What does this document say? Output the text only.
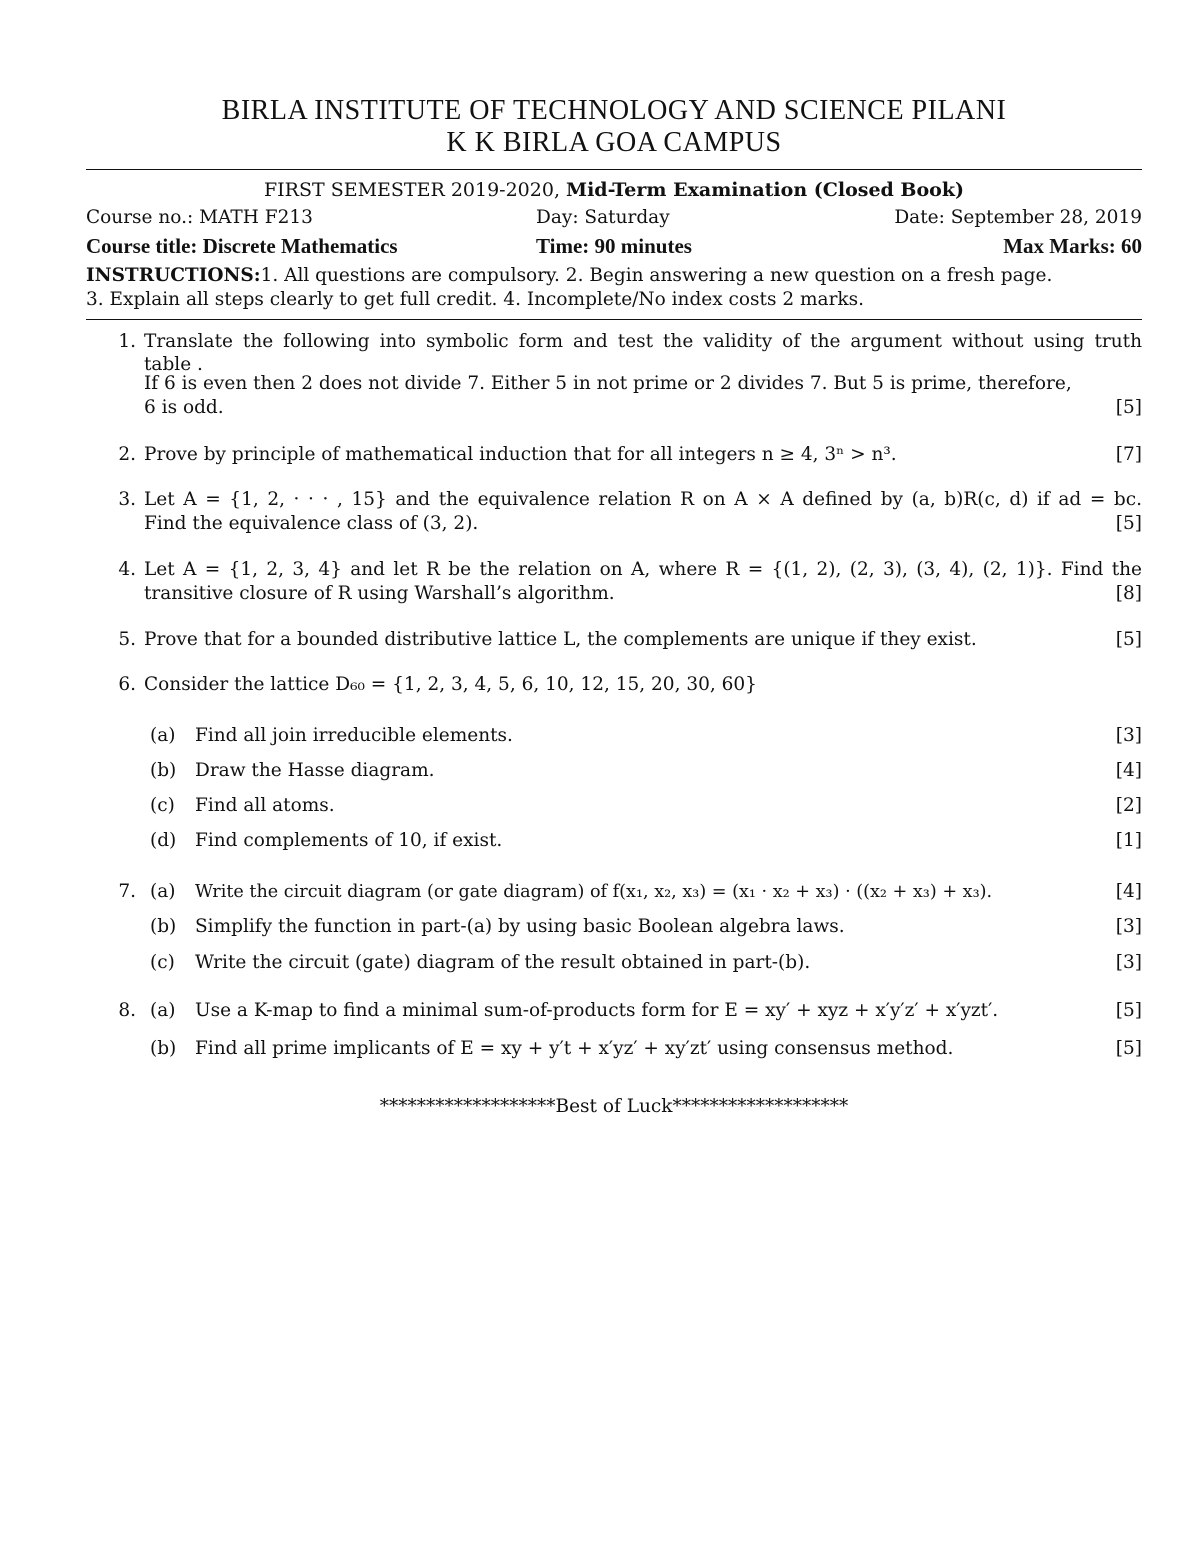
BIRLA INSTITUTE OF TECHNOLOGY AND SCIENCE PILANI
K K BIRLA GOA CAMPUS
FIRST SEMESTER 2019-2020, Mid-Term Examination (Closed Book)
Course no.: MATH F213	Day: Saturday	Date: September 28, 2019
Course title: Discrete Mathematics	Time: 90 minutes	Max Marks: 60
INSTRUCTIONS:1. All questions are compulsory. 2. Begin answering a new question on a fresh page.
3. Explain all steps clearly to get full credit. 4. Incomplete/No index costs 2 marks.
1. Translate the following into symbolic form and test the validity of the argument without using truth
table .
If 6 is even then 2 does not divide 7. Either 5 in not prime or 2 divides 7. But 5 is prime, therefore,
6 is odd.	[5]
2. Prove by principle of mathematical induction that for all integers n ≥ 4, 3ⁿ > n³.	[7]
3. Let A = {1, 2, · · · , 15} and the equivalence relation R on A × A defined by (a, b)R(c, d) if ad = bc.
Find the equivalence class of (3, 2).	[5]
4. Let A = {1, 2, 3, 4} and let R be the relation on A, where R = {(1, 2), (2, 3), (3, 4), (2, 1)}. Find the
transitive closure of R using Warshall’s algorithm.	[8]
5. Prove that for a bounded distributive lattice L, the complements are unique if they exist.	[5]
6. Consider the lattice D₆₀ = {1, 2, 3, 4, 5, 6, 10, 12, 15, 20, 30, 60}
(a)	Find all join irreducible elements.	[3]
(b)	Draw the Hasse diagram.	[4]
(c)	Find all atoms.	[2]
(d)	Find complements of 10, if exist.	[1]
7. (a)	Write the circuit diagram (or gate diagram) of f(x₁, x₂, x₃) = (x₁ · x₂ + x₃) · ((x₂ + x₃) + x₃).	[4]
(b)	Simplify the function in part-(a) by using basic Boolean algebra laws.	[3]
(c)	Write the circuit (gate) diagram of the result obtained in part-(b).	[3]
8. (a)	Use a K-map to find a minimal sum-of-products form for E = xy′ + xyz + x′y′z′ + x′yzt′.	[5]
(b)	Find all prime implicants of E = xy + y′t + x′yz′ + xy′zt′ using consensus method.	[5]
*******************Best of Luck*******************
